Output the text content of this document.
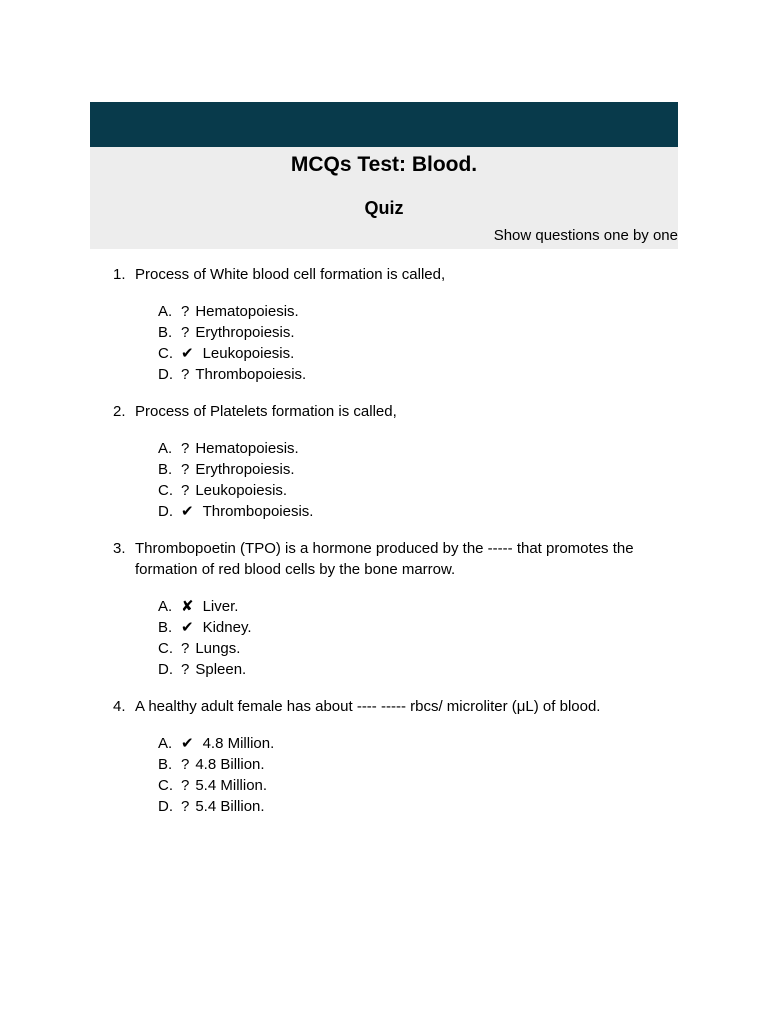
MCQs Test: Blood.
Quiz
Show questions one by one
1. Process of White blood cell formation is called,
A. ? Hematopoiesis.
B. ? Erythropoiesis.
C. ✔ Leukopoiesis.
D. ? Thrombopoiesis.
2. Process of Platelets formation is called,
A. ? Hematopoiesis.
B. ? Erythropoiesis.
C. ? Leukopoiesis.
D. ✔ Thrombopoiesis.
3. Thrombopoetin (TPO) is a hormone produced by the ----- that promotes the formation of red blood cells by the bone marrow.
A. ✘ Liver.
B. ✔ Kidney.
C. ? Lungs.
D. ? Spleen.
4. A healthy adult female has about ---- ----- rbcs/ microliter (μL) of blood.
A. ✔ 4.8 Million.
B. ? 4.8 Billion.
C. ? 5.4 Million.
D. ? 5.4 Billion.
